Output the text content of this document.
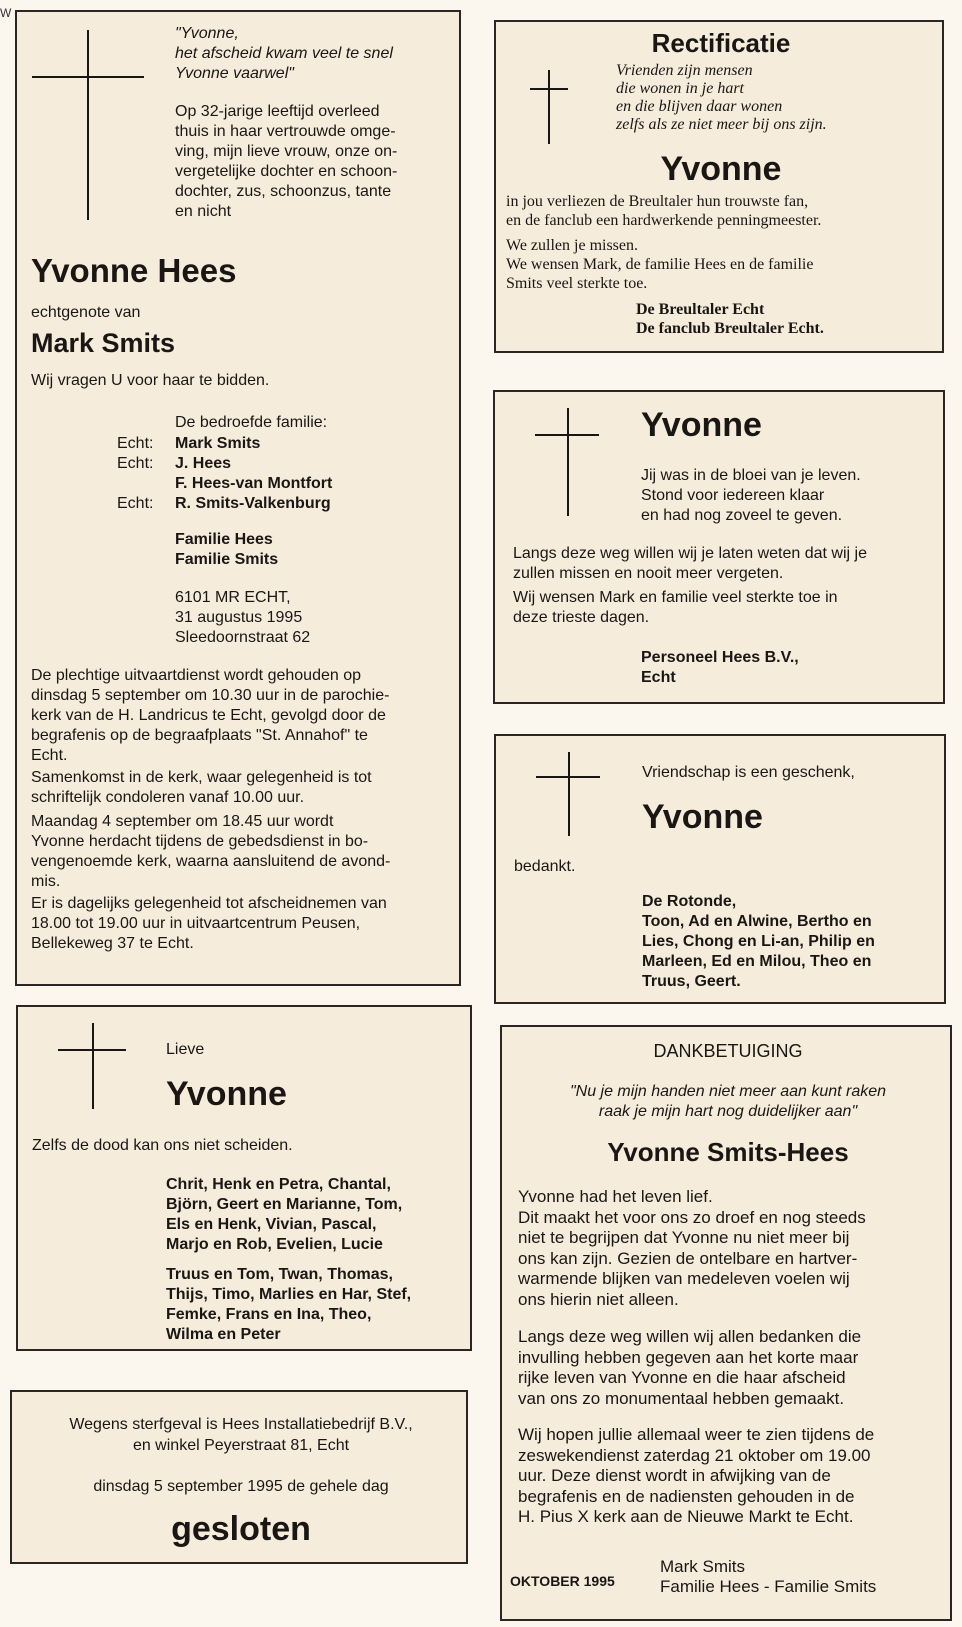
W
"Yvonne,
het afscheid kwam veel te snel
Yvonne vaarwel"
Op 32-jarige leeftijd overleed
thuis in haar vertrouwde omge-
ving, mijn lieve vrouw, onze on-
vergetelijke dochter en schoon-
dochter, zus, schoonzus, tante
en nicht
Yvonne Hees
echtgenote van
Mark Smits
Wij vragen U voor haar te bidden.
De bedroefde familie:
Echt: Mark Smits
Echt: J. Hees
F. Hees-van Montfort
Echt: R. Smits-Valkenburg
Familie Hees
Familie Smits
6101 MR ECHT,
31 augustus 1995
Sleedoornstraat 62
De plechtige uitvaartdienst wordt gehouden op
dinsdag 5 september om 10.30 uur in de parochie-
kerk van de H. Landricus te Echt, gevolgd door de
begrafenis op de begraafplaats "St. Annahof" te
Echt.
Samenkomst in de kerk, waar gelegenheid is tot
schriftelijk condoleren vanaf 10.00 uur.
Maandag 4 september om 18.45 uur wordt
Yvonne herdacht tijdens de gebedsdienst in bo-
vengenoemde kerk, waarna aansluitend de avond-
mis.
Er is dagelijks gelegenheid tot afscheidnemen van
18.00 tot 19.00 uur in uitvaartcentrum Peusen,
Bellekeweg 37 te Echt.
Rectificatie
Vrienden zijn mensen
die wonen in je hart
en die blijven daar wonen
zelfs als ze niet meer bij ons zijn.
Yvonne
in jou verliezen de Breultaler hun trouwste fan,
en de fanclub een hardwerkende penningmeester.
We zullen je missen.
We wensen Mark, de familie Hees en de familie
Smits veel sterkte toe.
De Breultaler Echt
De fanclub Breultaler Echt.
Yvonne
Jij was in de bloei van je leven.
Stond voor iedereen klaar
en had nog zoveel te geven.
Langs deze weg willen wij je laten weten dat wij je
zullen missen en nooit meer vergeten.
Wij wensen Mark en familie veel sterkte toe in
deze trieste dagen.
Personeel Hees B.V.,
Echt
Vriendschap is een geschenk,
Yvonne
bedankt.
De Rotonde,
Toon, Ad en Alwine, Bertho en
Lies, Chong en Li-an, Philip en
Marleen, Ed en Milou, Theo en
Truus, Geert.
Lieve
Yvonne
Zelfs de dood kan ons niet scheiden.
Chrit, Henk en Petra, Chantal,
Björn, Geert en Marianne, Tom,
Els en Henk, Vivian, Pascal,
Marjo en Rob, Evelien, Lucie
Truus en Tom, Twan, Thomas,
Thijs, Timo, Marlies en Har, Stef,
Femke, Frans en Ina, Theo,
Wilma en Peter
Wegens sterfgeval is Hees Installatiebedrijf B.V.,
en winkel Peyerstraat 81, Echt
dinsdag 5 september 1995 de gehele dag
gesloten
DANKBETUIGING
"Nu je mijn handen niet meer aan kunt raken
raak je mijn hart nog duidelijker aan"
Yvonne Smits-Hees
Yvonne had het leven lief.
Dit maakt het voor ons zo droef en nog steeds
niet te begrijpen dat Yvonne nu niet meer bij
ons kan zijn. Gezien de ontelbare en hartver-
warmende blijken van medeleven voelen wij
ons hierin niet alleen.
Langs deze weg willen wij allen bedanken die
invulling hebben gegeven aan het korte maar
rijke leven van Yvonne en die haar afscheid
van ons zo monumentaal hebben gemaakt.
Wij hopen jullie allemaal weer te zien tijdens de
zeswekendienst zaterdag 21 oktober om 19.00
uur. Deze dienst wordt in afwijking van de
begrafenis en de nadiensten gehouden in de
H. Pius X kerk aan de Nieuwe Markt te Echt.
OKTOBER 1995
Mark Smits
Familie Hees - Familie Smits
